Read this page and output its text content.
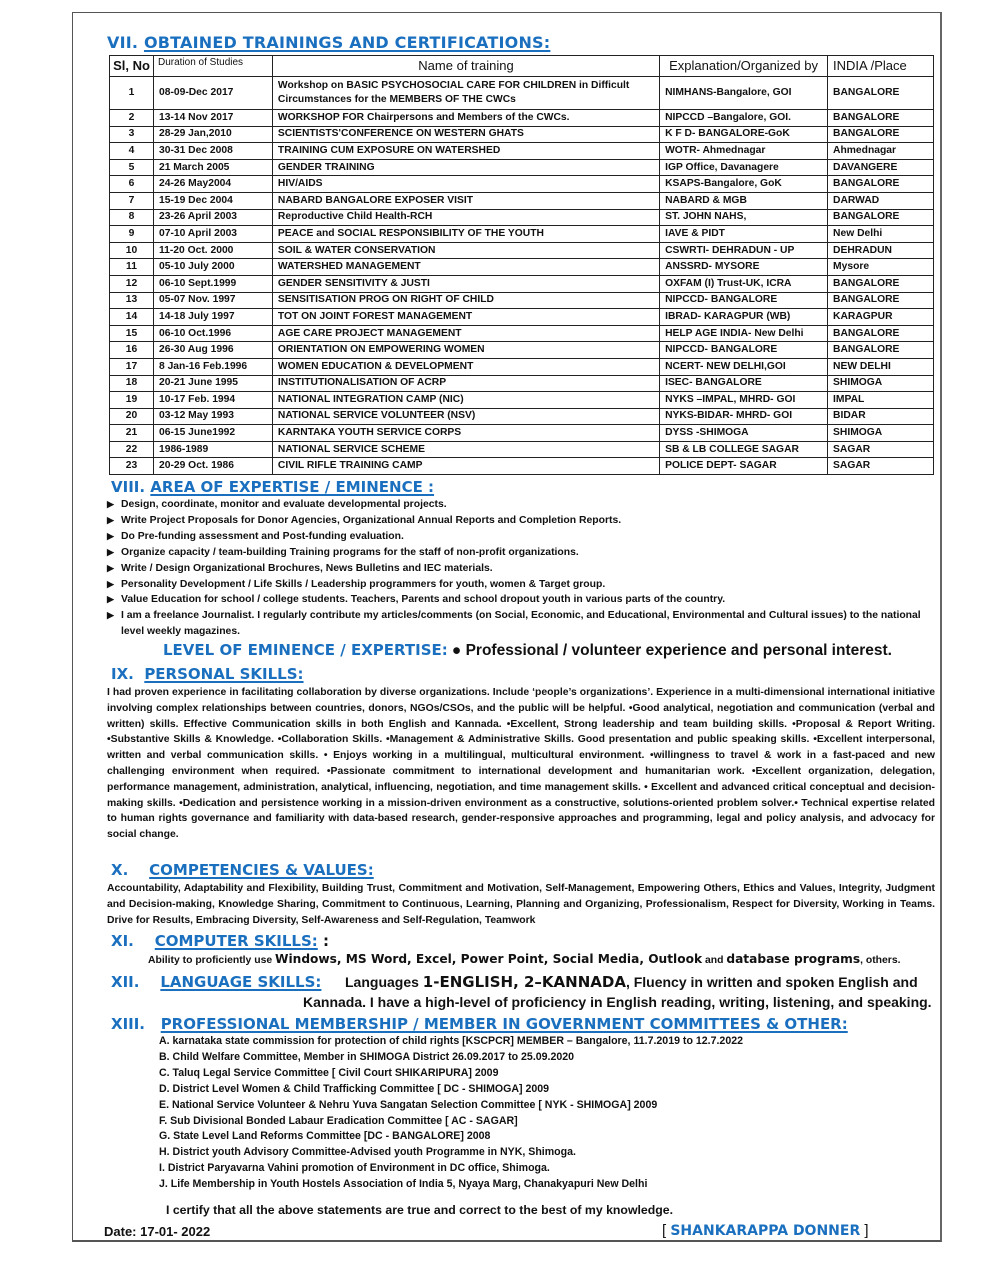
VII. OBTAINED TRAININGS AND CERTIFICATIONS:
Sl, No	Duration of Studies	Name of training	Explanation/Organized by	INDIA /Place
1	08-09-Dec 2017	Workshop on BASIC PSYCHOSOCIAL CARE FOR CHILDREN in Difficult Circumstances for the MEMBERS OF THE CWCs	NIMHANS-Bangalore, GOI	BANGALORE
2	13-14 Nov 2017	WORKSHOP FOR Chairpersons and Members of the CWCs.	NIPCCD –Bangalore, GOI.	BANGALORE
3	28-29 Jan,2010	SCIENTISTS'CONFERENCE ON WESTERN GHATS	K F D- BANGALORE-GoK	BANGALORE
4	30-31 Dec 2008	TRAINING CUM EXPOSURE ON WATERSHED	WOTR- Ahmednagar	Ahmednagar
5	21 March 2005	GENDER TRAINING	IGP Office, Davanagere	DAVANGERE
6	24-26 May2004	HIV/AIDS	KSAPS-Bangalore, GoK	BANGALORE
7	15-19 Dec 2004	NABARD BANGALORE EXPOSER VISIT	NABARD & MGB	DARWAD
8	23-26 April 2003	Reproductive Child Health-RCH	ST. JOHN NAHS,	BANGALORE
9	07-10 April 2003	PEACE and SOCIAL RESPONSIBILITY OF THE YOUTH	IAVE & PIDT	New Delhi
10	11-20 Oct. 2000	SOIL & WATER CONSERVATION	CSWRTI- DEHRADUN - UP	DEHRADUN
11	05-10 July 2000	WATERSHED MANAGEMENT	ANSSRD- MYSORE	Mysore
12	06-10 Sept.1999	GENDER SENSITIVITY & JUSTI	OXFAM (I) Trust-UK, ICRA	BANGALORE
13	05-07 Nov. 1997	SENSITISATION PROG ON RIGHT OF CHILD	NIPCCD- BANGALORE	BANGALORE
14	14-18 July 1997	TOT ON JOINT FOREST MANAGEMENT	IBRAD- KARAGPUR (WB)	KARAGPUR
15	06-10 Oct.1996	AGE CARE PROJECT MANAGEMENT	HELP AGE INDIA- New Delhi	BANGALORE
16	26-30 Aug 1996	ORIENTATION ON EMPOWERING WOMEN	NIPCCD- BANGALORE	BANGALORE
17	8 Jan-16 Feb.1996	WOMEN EDUCATION & DEVELOPMENT	NCERT- NEW DELHI,GOI	NEW DELHI
18	20-21 June 1995	INSTITUTIONALISATION OF ACRP	ISEC- BANGALORE	SHIMOGA
19	10-17 Feb. 1994	NATIONAL INTEGRATION CAMP (NIC)	NYKS –IMPAL, MHRD- GOI	IMPAL
20	03-12 May 1993	NATIONAL SERVICE VOLUNTEER (NSV)	NYKS-BIDAR- MHRD- GOI	BIDAR
21	06-15 June1992	KARNTAKA YOUTH SERVICE CORPS	DYSS -SHIMOGA	SHIMOGA
22	1986-1989	NATIONAL SERVICE SCHEME	SB & LB COLLEGE SAGAR	SAGAR
23	20-29 Oct. 1986	CIVIL RIFLE TRAINING CAMP	POLICE DEPT- SAGAR	SAGAR
VIII. AREA OF EXPERTISE / EMINENCE :
▶ Design, coordinate, monitor and evaluate developmental projects.
▶ Write Project Proposals for Donor Agencies, Organizational Annual Reports and Completion Reports.
▶ Do Pre-funding assessment and Post-funding evaluation.
▶ Organize capacity / team-building Training programs for the staff of non-profit organizations.
▶ Write / Design Organizational Brochures, News Bulletins and IEC materials.
▶ Personality Development / Life Skills / Leadership programmers for youth, women & Target group.
▶ Value Education for school / college students. Teachers, Parents and school dropout youth in various parts of the country.
▶ I am a freelance Journalist. I regularly contribute my articles/comments (on Social, Economic, and Educational, Environmental and Cultural issues) to the national level weekly magazines.
LEVEL OF EMINENCE / EXPERTISE: ● Professional / volunteer experience and personal interest.
IX. PERSONAL SKILLS:

I had proven experience in facilitating collaboration by diverse organizations. Include ‘people’s organizations’. Experience in a multi-dimensional international initiative involving complex relationships between countries, donors, NGOs/CSOs, and the public will be helpful. •Good analytical, negotiation and communication (verbal and written) skills. Effective Communication skills in both English and Kannada. •Excellent, Strong leadership and team building skills. •Proposal & Report Writing. •Substantive Skills & Knowledge. •Collaboration Skills. •Management & Administrative Skills. Good presentation and public speaking skills. •Excellent interpersonal, written and verbal communication skills. • Enjoys working in a multilingual, multicultural environment. •willingness to travel & work in a fast-paced and new challenging environment when required. •Passionate commitment to international development and humanitarian work. •Excellent organization, delegation, performance management, administration, analytical, influencing, negotiation, and time management skills. • Excellent and advanced critical conceptual and decision-making skills. •Dedication and persistence working in a mission-driven environment as a constructive, solutions-oriented problem solver.• Technical expertise related to human rights governance and familiarity with data-based research, gender-responsive approaches and programming, legal and policy analysis, and advocacy for social change.

X. COMPETENCIES & VALUES:

Accountability, Adaptability and Flexibility, Building Trust, Commitment and Motivation, Self-Management, Empowering Others, Ethics and Values, Integrity, Judgment and Decision-making, Knowledge Sharing, Commitment to Continuous, Learning, Planning and Organizing, Professionalism, Respect for Diversity, Working in Teams. Drive for Results, Embracing Diversity, Self-Awareness and Self-Regulation, Teamwork

XI. COMPUTER SKILLS: :
Ability to proficiently use Windows, MS Word, Excel, Power Point, Social Media, Outlook and database programs, others.
XII. LANGUAGE SKILLS: Languages 1-ENGLISH, 2–KANNADA, Fluency in written and spoken English and
Kannada. I have a high-level of proficiency in English reading, writing, listening, and speaking.
XIII. PROFESSIONAL MEMBERSHIP / MEMBER IN GOVERNMENT COMMITTEES & OTHER:
A. karnataka state commission for protection of child rights [KSCPCR] MEMBER – Bangalore, 11.7.2019 to 12.7.2022
B. Child Welfare Committee, Member in SHIMOGA District 26.09.2017 to 25.09.2020
C. Taluq Legal Service Committee [ Civil Court SHIKARIPURA] 2009
D. District Level Women & Child Trafficking Committee [ DC - SHIMOGA] 2009
E. National Service Volunteer & Nehru Yuva Sangatan Selection Committee [ NYK - SHIMOGA] 2009
F. Sub Divisional Bonded Labaur Eradication Committee [ AC - SAGAR]
G. State Level Land Reforms Committee [DC - BANGALORE] 2008
H. District youth Advisory Committee-Advised youth Programme in NYK, Shimoga.
I. District Paryavarna Vahini promotion of Environment in DC office, Shimoga.
J. Life Membership in Youth Hostels Association of India 5, Nyaya Marg, Chanakyapuri New Delhi
I certify that all the above statements are true and correct to the best of my knowledge.
Date: 17-01- 2022	[ SHANKARAPPA DONNER ]
